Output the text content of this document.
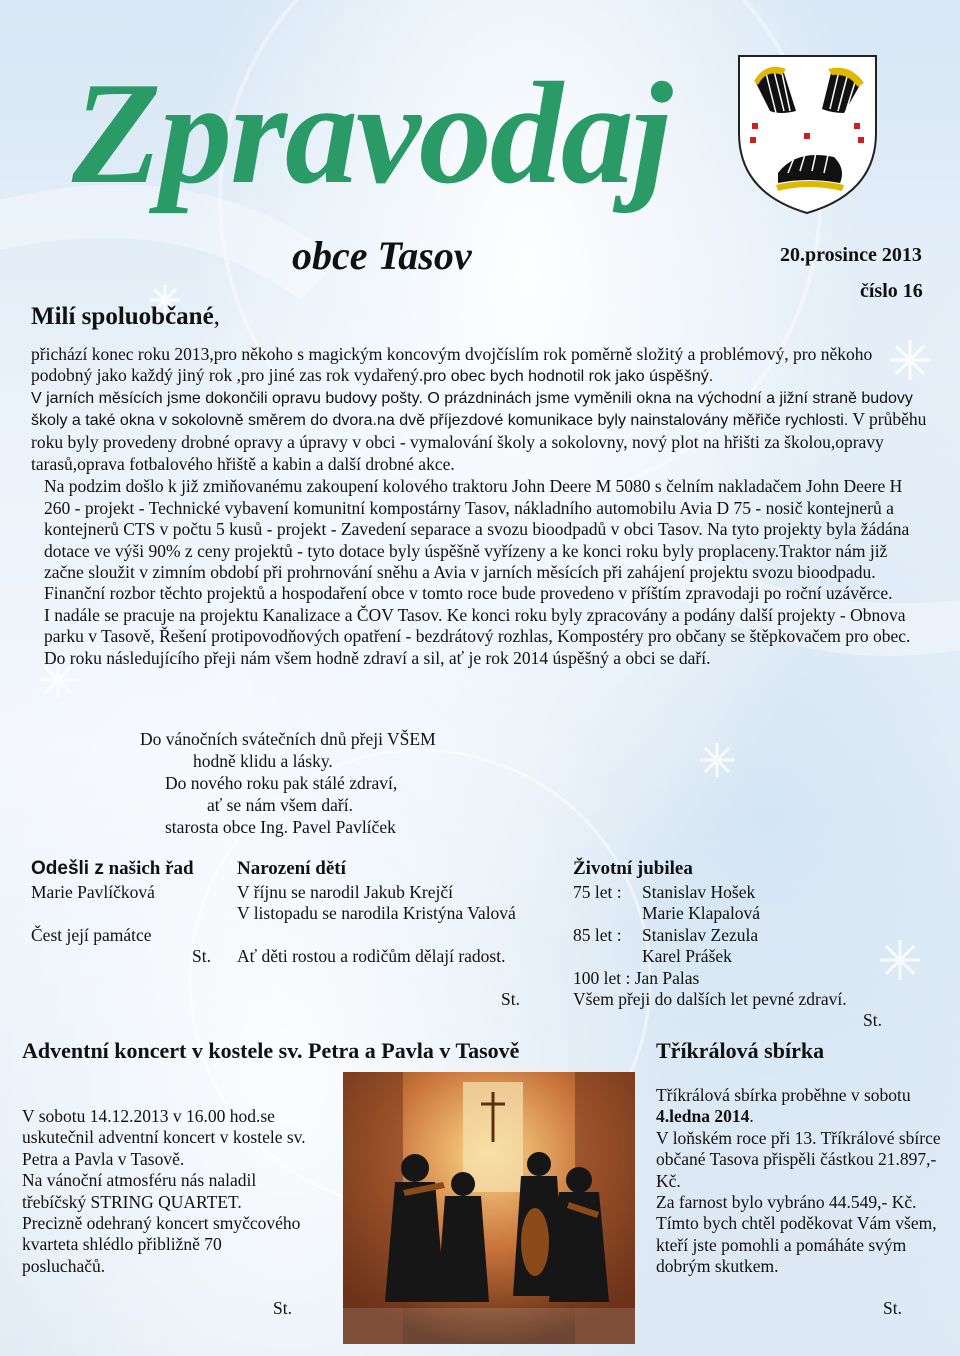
Zpravodaj
obce Tasov	20.prosince 2013
číslo 16
Milí spoluobčané,

přichází konec roku 2013,pro někoho s magickým koncovým dvojčíslím rok poměrně složitý a problémový, pro někoho podobný jako každý jiný rok ,pro jiné zas rok vydařený.pro obec bych hodnotil rok jako úspěšný.

V jarních měsících jsme dokončili opravu budovy pošty. O prázdninách jsme vyměnili okna na východní a jižní straně budovy školy a také okna v sokolovně směrem do dvora.na dvě příjezdové komunikace byly nainstalovány měřiče rychlosti. V průběhu roku byly provedeny drobné opravy a úpravy v obci - vymalování školy a sokolovny, nový plot na hřišti za školou,opravy tarasů,oprava fotbalového hřiště a kabin a další drobné akce.

Na podzim došlo k již zmiňovanému zakoupení kolového traktoru John Deere M 5080 s čelním nakladačem John Deere H 260 - projekt - Technické vybavení komunitní kompostárny Tasov, nákladního automobilu Avia D 75 - nosič kontejnerů a kontejnerů CTS v počtu 5 kusů - projekt - Zavedení separace a svozu bioodpadů v obci Tasov. Na tyto projekty byla žádána dotace ve výši 90% z ceny projektů - tyto dotace byly úspěšně vyřízeny a ke konci roku byly proplaceny.Traktor nám již začne sloužit v zimním období při prohrnování sněhu a Avia v jarních měsících při zahájení projektu svozu bioodpadu. Finanční rozbor těchto projektů a hospodaření obce v tomto roce bude provedeno v příštím zpravodaji po roční uzávěrce.

I nadále se pracuje na projektu Kanalizace a ČOV Tasov. Ke konci roku byly zpracovány a podány další projekty - Obnova parku v Tasově, Řešení protipovodňových opatření - bezdrátový rozhlas, Kompostéry pro občany se štěpkovačem pro obec.

Do roku následujícího přeji nám všem hodně zdraví a sil, ať je rok 2014 úspěšný a obci se daří.

Do vánočních svátečních dnů přeji VŠEM
hodně klidu a lásky.
Do nového roku pak stálé zdraví,
ať se nám všem daří.
starosta obce Ing. Pavel Pavlíček
Odešli z našich řad Narození dětí	Životní jubilea
Marie Pavlíčková

Čest její památce
St.
V říjnu se narodil Jakub Krejčí
V listopadu se narodila Kristýna Valová

Ať děti rostou a rodičům dělají radost.

St.
75 let : Stanislav Hošek
Marie Klapalová
85 let : Stanislav Zezula
Karel Prášek
100 let : Jan Palas
Všem přeji do dalších let pevné zdraví.
St.
Adventní koncert v kostele sv. Petra a Pavla v Tasově
V sobotu 14.12.2013 v 16.00 hod.se
uskutečnil adventní koncert v kostele sv.
Petra a Pavla v Tasově.
Na vánoční atmosféru nás naladil
třebíčský STRING QUARTET.
Precizně odehraný koncert smyčcového
kvarteta shlédlo přibližně 70
posluchačů.
St.
Tříkrálová sbírka

Tříkrálová sbírka proběhne v sobotu 4.ledna 2014.

V loňském roce při 13. Tříkrálové sbírce občané Tasova přispěli částkou 21.897,- Kč.

Za farnost bylo vybráno 44.549,- Kč.

Tímto bych chtěl poděkovat Vám všem, kteří jste pomohli a pomáháte svým dobrým skutkem.

St.
